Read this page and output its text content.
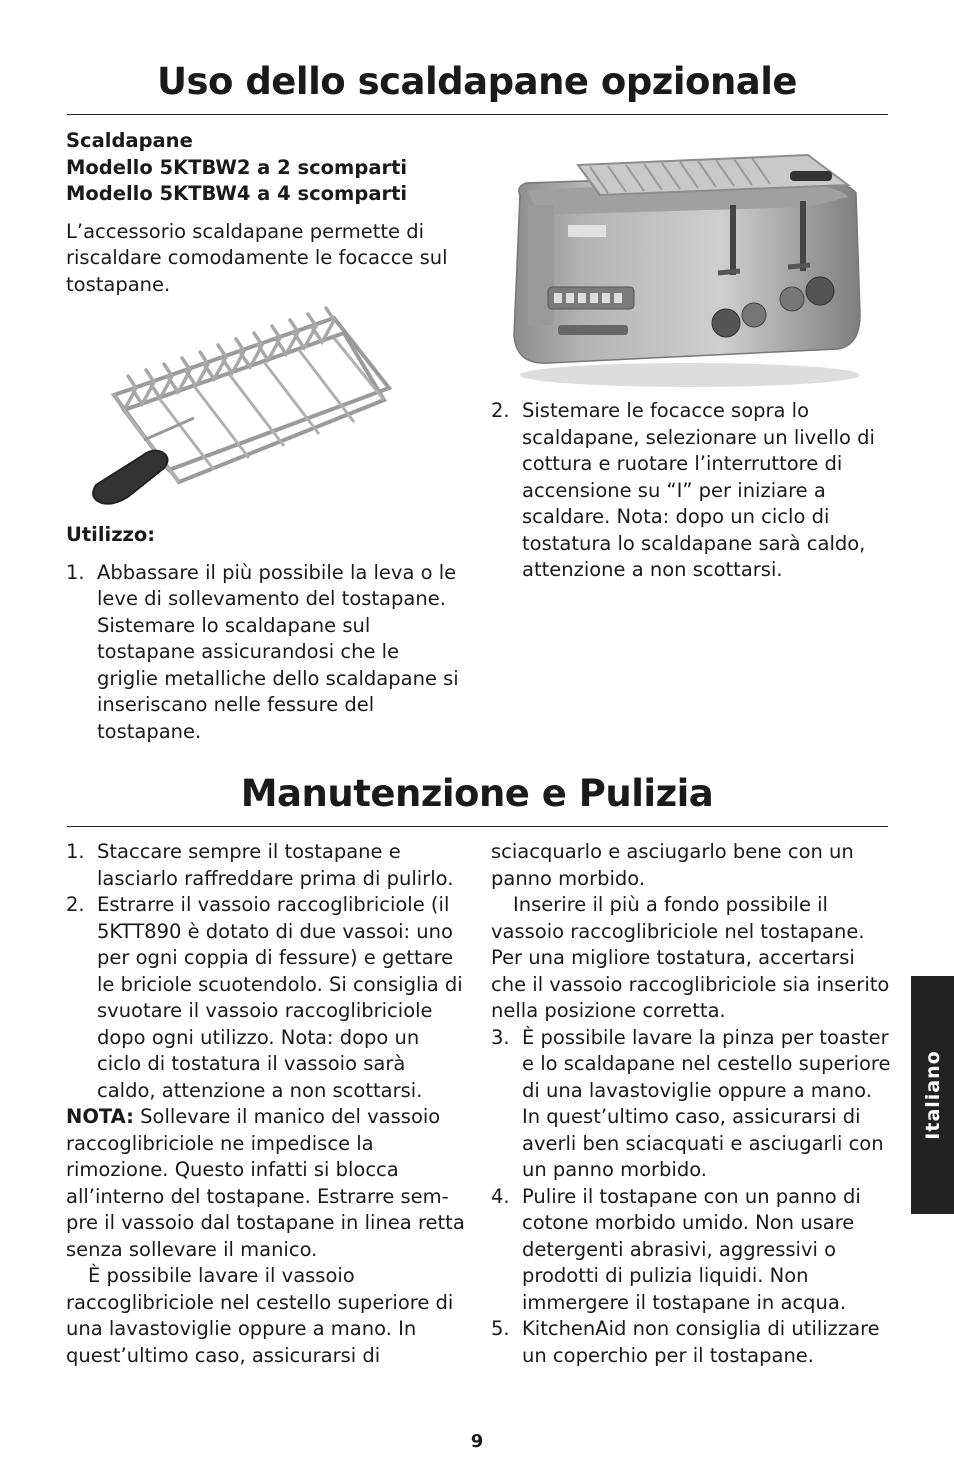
Uso dello scaldapane opzionale

Scaldapane

Modello 5KTBW2 a 2 scomparti

Modello 5KTBW4 a 4 scomparti

L’accessorio scaldapane permette di riscaldare comodamente le focacce sul tostapane.

Utilizzo:

1. Abbassare il più possibile la leva o le leve di sollevamento del tostapane. Sistemare lo scaldapane sul tostapane assicurandosi che le griglie metalliche dello scaldapane si inseriscano nelle fessure del tostapane.
2. Sistemare le focacce sopra lo scaldapane, selezionare un livello di cottura e ruotare l’interruttore di accensione su “I” per iniziare a scaldare. Nota: dopo un ciclo di tostatura lo scaldapane sarà caldo, attenzione a non scottarsi.
Manutenzione e Pulizia
1. Staccare sempre il tostapane e lasciarlo raffreddare prima di pulirlo.
2. Estrarre il vassoio raccoglibriciole (il 5KTT890 è dotato di due vassoi: uno per ogni coppia di fessure) e gettare le briciole scuotendolo. Si consiglia di svuotare il vassoio raccoglibriciole dopo ogni utilizzo. Nota: dopo un ciclo di tostatura il vassoio sarà caldo, attenzione a non scottarsi.

NOTA: Sollevare il manico del vassoio raccoglibriciole ne impedisce la rimozione. Questo infatti si blocca all’interno del tostapane. Estrarre sem-pre il vassoio dal tostapane in linea retta senza sollevare il manico.

È possibile lavare il vassoio raccoglibriciole nel cestello superiore di una lavastoviglie oppure a mano. In quest’ultimo caso, assicurarsi di

sciacquarlo e asciugarlo bene con un panno morbido.

Inserire il più a fondo possibile il vassoio raccoglibriciole nel tostapane. Per una migliore tostatura, accertarsi che il vassoio raccoglibriciole sia inserito nella posizione corretta.

3. È possibile lavare la pinza per toaster e lo scaldapane nel cestello superiore di una lavastoviglie oppure a mano. In quest’ultimo caso, assicurarsi di averli ben sciacquati e asciugarli con un panno morbido.
4. Pulire il tostapane con un panno di cotone morbido umido. Non usare detergenti abrasivi, aggressivi o prodotti di pulizia liquidi. Non immergere il tostapane in acqua.
5. KitchenAid non consiglia di utilizzare un coperchio per il tostapane.
Italiano
9
